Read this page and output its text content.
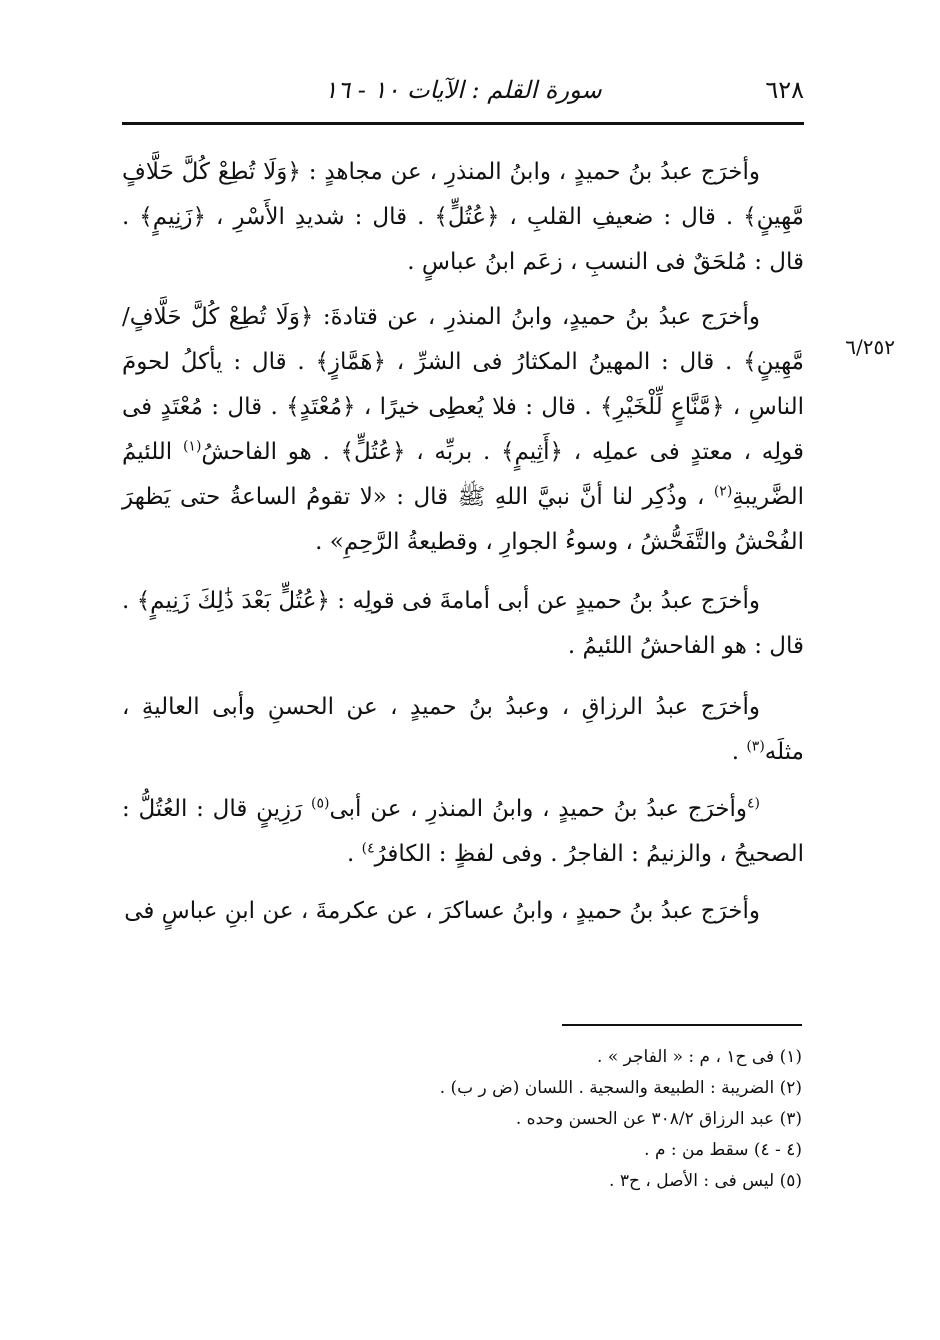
٦٢٨
سورة القلم : الآيات ١٠ - ١٦
٦/٢٥٢

وأخرَج عبدُ بنُ حميدٍ ، وابنُ المنذرِ ، عن مجاهدٍ : ﴿وَلَا تُطِعْ كُلَّ حَلَّافٍ مَّهِينٍ﴾ . قال : ضعيفِ القلبِ ، ﴿عُتُلٍّ﴾ . قال : شديدِ الأَسْرِ ، ﴿زَنِيمٍ﴾ . قال : مُلحَقٌ فى النسبِ ، زعَم ابنُ عباسٍ .

وأخرَج عبدُ بنُ حميدٍ، وابنُ المنذرِ ، عن قتادةَ: ﴿وَلَا تُطِعْ كُلَّ حَلَّافٍ/مَّهِينٍ﴾ . قال : المهينُ المكثارُ فى الشرِّ ، ﴿هَمَّازٍ﴾ . قال : يأكلُ لحومَ الناسِ ، ﴿مَّنَّاعٍ لِّلْخَيْرِ﴾ . قال : فلا يُعطِى خيرًا ، ﴿مُعْتَدٍ﴾ . قال : مُعْتَدٍ فى قولِه ، معتدٍ فى عملِه ، ﴿أَثِيمٍ﴾ . بربِّه ، ﴿عُتُلٍّ﴾ . هو الفاحشُ$^{(١)}$ اللئيمُ الضَّريبةِ$^{(٢)}$ ، وذُكِر لنا أنَّ نبيَّ اللهِ ﷺ قال : «لا تقومُ الساعةُ حتى يَظهرَ الفُحْشُ والتَّفَحُّشُ ، وسوءُ الجوارِ ، وقطيعةُ الرَّحِمِ» .

وأخرَج عبدُ بنُ حميدٍ عن أبى أمامةَ فى قولِه : ﴿عُتُلٍّ بَعْدَ ذَٰلِكَ زَنِيمٍ﴾ . قال : هو الفاحشُ اللئيمُ .

وأخرَج عبدُ الرزاقِ ، وعبدُ بنُ حميدٍ ، عن الحسنِ وأبى العاليةِ ، مثلَه$^{(٣)}$ .

$^{(٤}$وأخرَج عبدُ بنُ حميدٍ ، وابنُ المنذرِ ، عن أبى$^{(٥)}$ رَزِينٍ قال : العُتُلُّ : الصحيحُ ، والزنيمُ : الفاجرُ . وفى لفظٍ : الكافرُ$^{٤)}$ .

وأخرَج عبدُ بنُ حميدٍ ، وابنُ عساكرَ ، عن عكرمةَ ، عن ابنِ عباسٍ فى

(١) فى ح١ ، م : « الفاجر » .

(٢) الضريبة : الطبيعة والسجية . اللسان (ض ر ب) .

(٣) عبد الرزاق ٣٠٨/٢ عن الحسن وحده .

(٤ - ٤) سقط من : م .

(٥) ليس فى : الأصل ، ح٣ .
